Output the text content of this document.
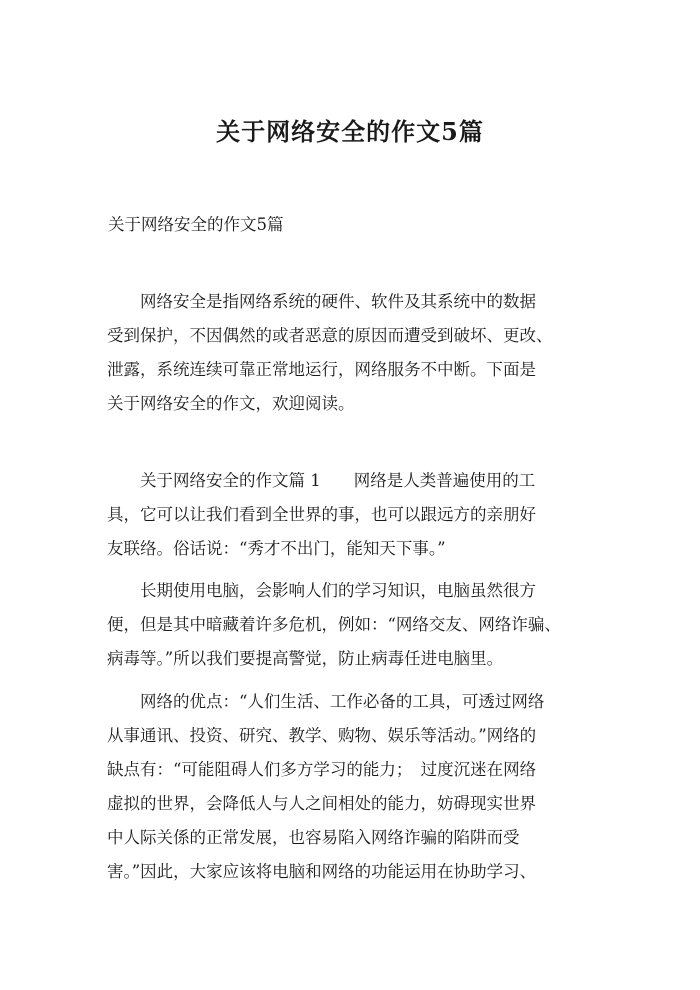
关于网络安全的作文5篇

关于网络安全的作文5篇

　　网络安全是指网络系统的硬件、软件及其系统中的数据
受到保护，不因偶然的或者恶意的原因而遭受到破坏、更改、
泄露，系统连续可靠正常地运行，网络服务不中断。下面是
关于网络安全的作文，欢迎阅读。

　　关于网络安全的作文篇 1　　网络是人类普遍使用的工
具，它可以让我们看到全世界的事，也可以跟远方的亲朋好
友联络。俗话说：“秀才不出门，能知天下事。”

　　长期使用电脑，会影响人们的学习知识，电脑虽然很方
便，但是其中暗藏着许多危机，例如：“网络交友、网络诈骗、
病毒等。”所以我们要提高警觉，防止病毒任进电脑里。

　　网络的优点：“人们生活、工作必备的工具，可透过网络
从事通讯、投资、研究、教学、购物、娱乐等活动。”网络的
缺点有：“可能阻碍人们多方学习的能力；　过度沉迷在网络
虚拟的世界，会降低人与人之间相处的能力，妨碍现实世界
中人际关係的正常发展，也容易陷入网络诈骗的陷阱而受
害。”因此，大家应该将电脑和网络的功能运用在协助学习、
